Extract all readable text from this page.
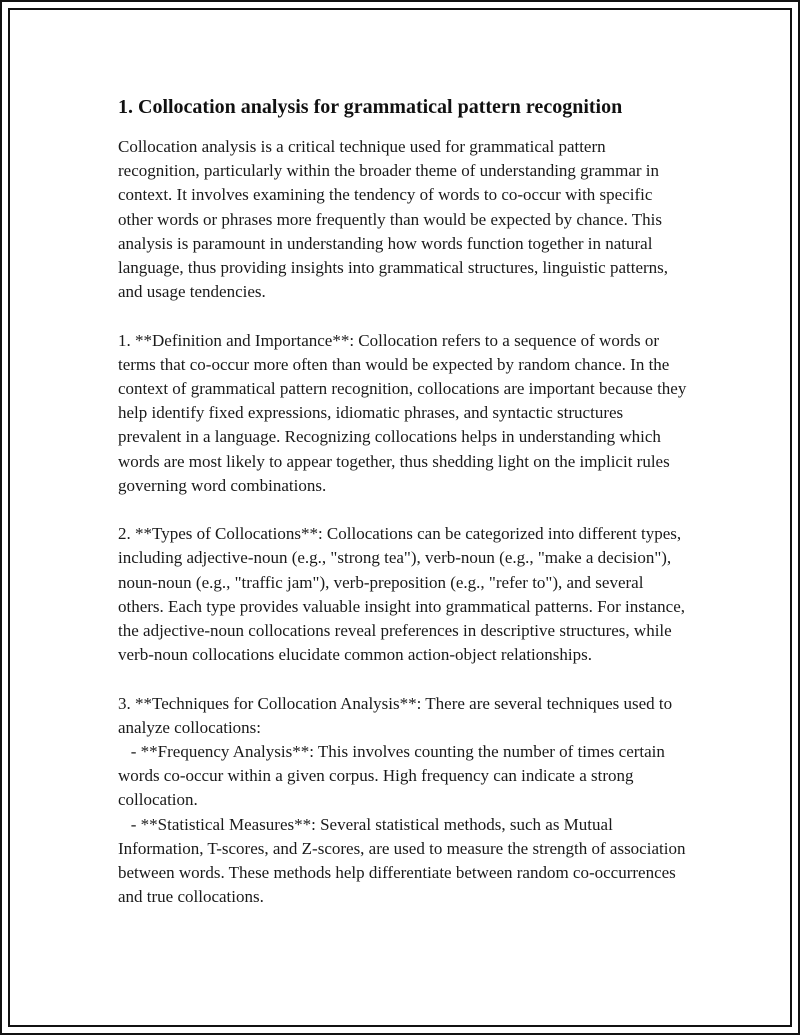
1. Collocation analysis for grammatical pattern recognition

Collocation analysis is a critical technique used for grammatical pattern recognition, particularly within the broader theme of understanding grammar in context. It involves examining the tendency of words to co-occur with specific other words or phrases more frequently than would be expected by chance. This analysis is paramount in understanding how words function together in natural language, thus providing insights into grammatical structures, linguistic patterns, and usage tendencies.

1. **Definition and Importance**: Collocation refers to a sequence of words or terms that co-occur more often than would be expected by random chance. In the context of grammatical pattern recognition, collocations are important because they help identify fixed expressions, idiomatic phrases, and syntactic structures prevalent in a language. Recognizing collocations helps in understanding which words are most likely to appear together, thus shedding light on the implicit rules governing word combinations.

2. **Types of Collocations**: Collocations can be categorized into different types, including adjective-noun (e.g., "strong tea"), verb-noun (e.g., "make a decision"), noun-noun (e.g., "traffic jam"), verb-preposition (e.g., "refer to"), and several others. Each type provides valuable insight into grammatical patterns. For instance, the adjective-noun collocations reveal preferences in descriptive structures, while verb-noun collocations elucidate common action-object relationships.

3. **Techniques for Collocation Analysis**: There are several techniques used to analyze collocations:

- **Frequency Analysis**: This involves counting the number of times certain words co-occur within a given corpus. High frequency can indicate a strong collocation.

- **Statistical Measures**: Several statistical methods, such as Mutual Information, T-scores, and Z-scores, are used to measure the strength of association between words. These methods help differentiate between random co-occurrences and true collocations.
